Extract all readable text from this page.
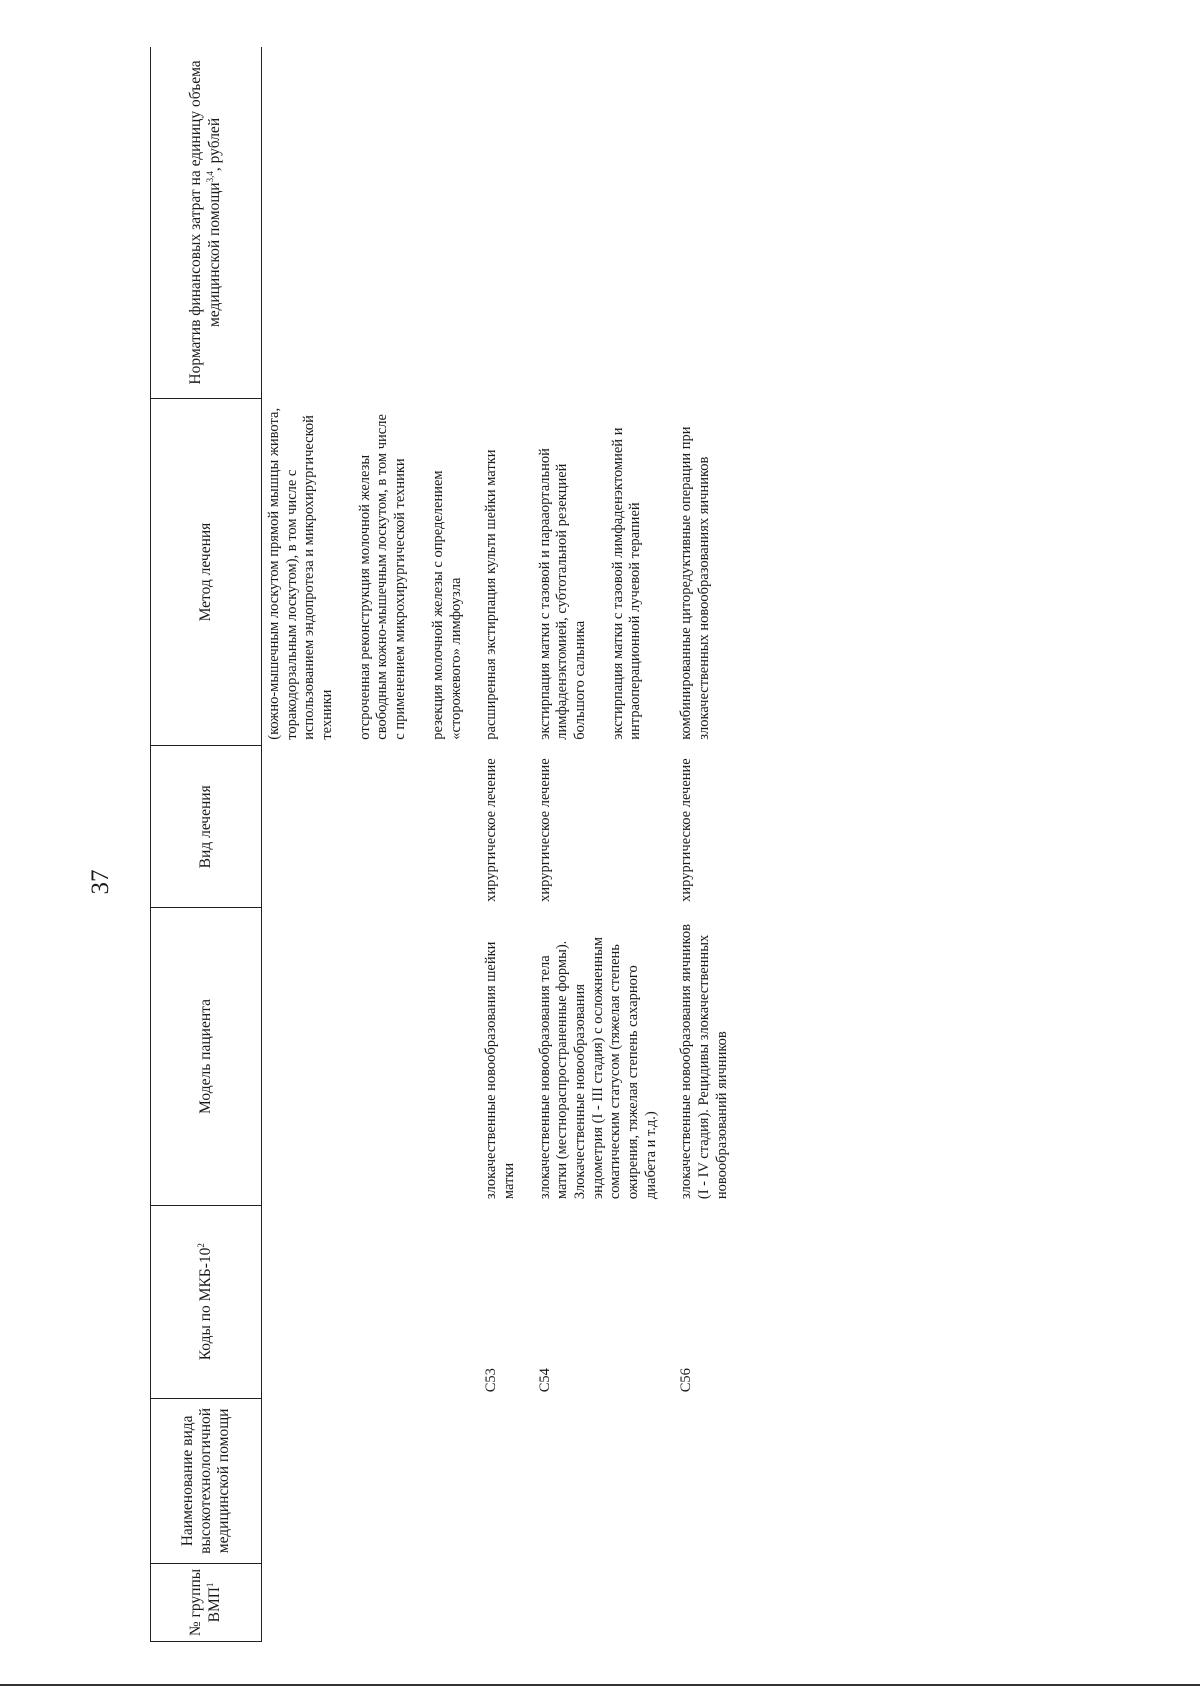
37
№ группы ВМП$^1$	Наименование вида высокотехнологичной медицинской помощи	Коды по МКБ-$10^2$	Модель пациента	Вид лечения	Метод лечения	Норматив финансовых затрат на единицу объема медицинской помощи$^{3,4}$, рублей

					(кожно-мышечным лоскутом прямой мышцы живота, торакодорзальным лоскутом), в том числе с использованием эндопротеза и микрохирургической техники отсроченная реконструкция молочной железы свободным кожно-мышечным лоскутом, в том числе с применением микрохирургической техники резекция молочной железы с определением «сторожевого» лимфоузла	

		С53	злокачественные новообразования шейки матки	хирургическое лечение	расширенная экстирпация культи шейки матки	

		С54	злокачественные новообразования тела матки (местнораспространенные формы). Злокачественные новообразования эндометрия (I - III стадия) с осложненным соматическим статусом (тяжелая степень ожирения, тяжелая степень сахарного диабета и т.д.)	хирургическое лечение	экстирпация матки с тазовой и парааортальной лимфаденэктомией, субтотальной резекцией большого сальника экстирпация матки с тазовой лимфаденэктомией и интраоперационной лучевой терапией	

		С56	злокачественные новообразования яичников (I - IV стадия). Рецидивы злокачественных новообразований яичников	хирургическое лечение	комбинированные циторедуктивные операции при злокачественных новообразованиях яичников	
